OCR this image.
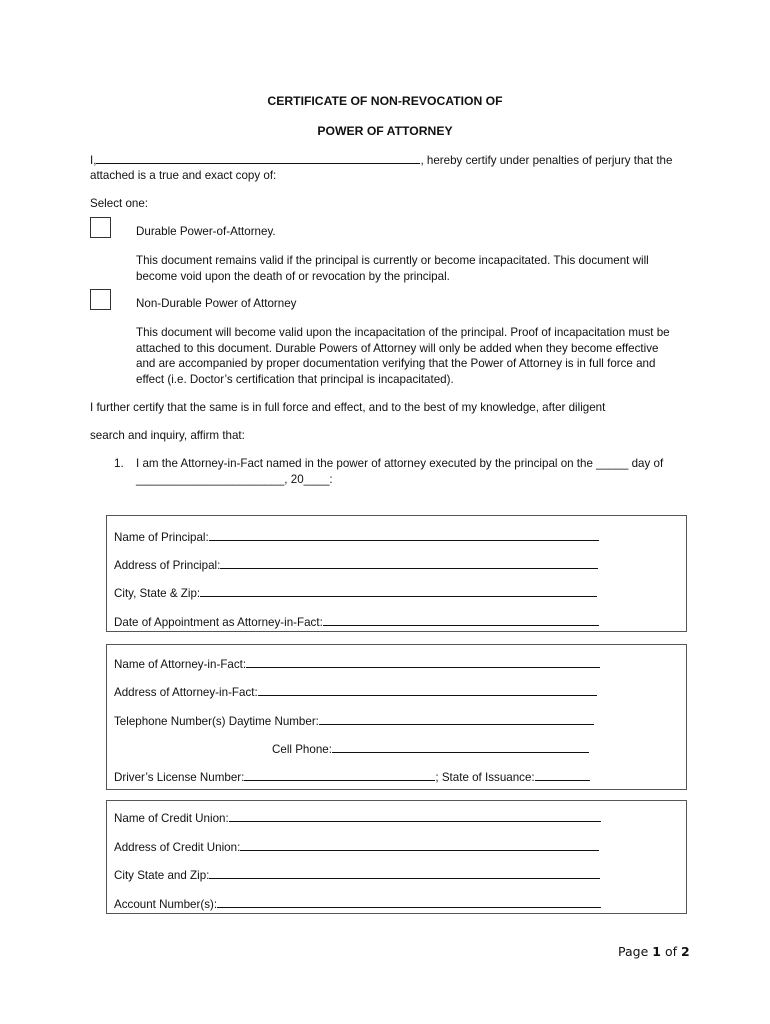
CERTIFICATE OF NON-REVOCATION OF
POWER OF ATTORNEY
I,	, hereby certify under penalties of perjury that the
attached is a true and exact copy of:
Select one:
Durable Power-of-Attorney.
This document remains valid if the principal is currently or become incapacitated. This document will become void upon the death of or revocation by the principal.
Non-Durable Power of Attorney
This document will become valid upon the incapacitation of the principal. Proof of incapacitation must be attached to this document. Durable Powers of Attorney will only be added when they become effective and are accompanied by proper documentation verifying that the Power of Attorney is in full force and effect (i.e. Doctor’s certification that principal is incapacitated).
I further certify that the same is in full force and effect, and to the best of my knowledge, after diligent
search and inquiry, affirm that:
1. I am the Attorney-in-Fact named in the power of attorney executed by the principal on the _____ day of
_______________________, 20____:
Name of Principal:
Address of Principal:
City, State & Zip:
Date of Appointment as Attorney-in-Fact:
Name of Attorney-in-Fact:
Address of Attorney-in-Fact:
Telephone Number(s) Daytime Number:
Cell Phone:
Driver’s License Number:	; State of Issuance:
Name of Credit Union:
Address of Credit Union:
City State and Zip:
Account Number(s):
Page 1 of 2
